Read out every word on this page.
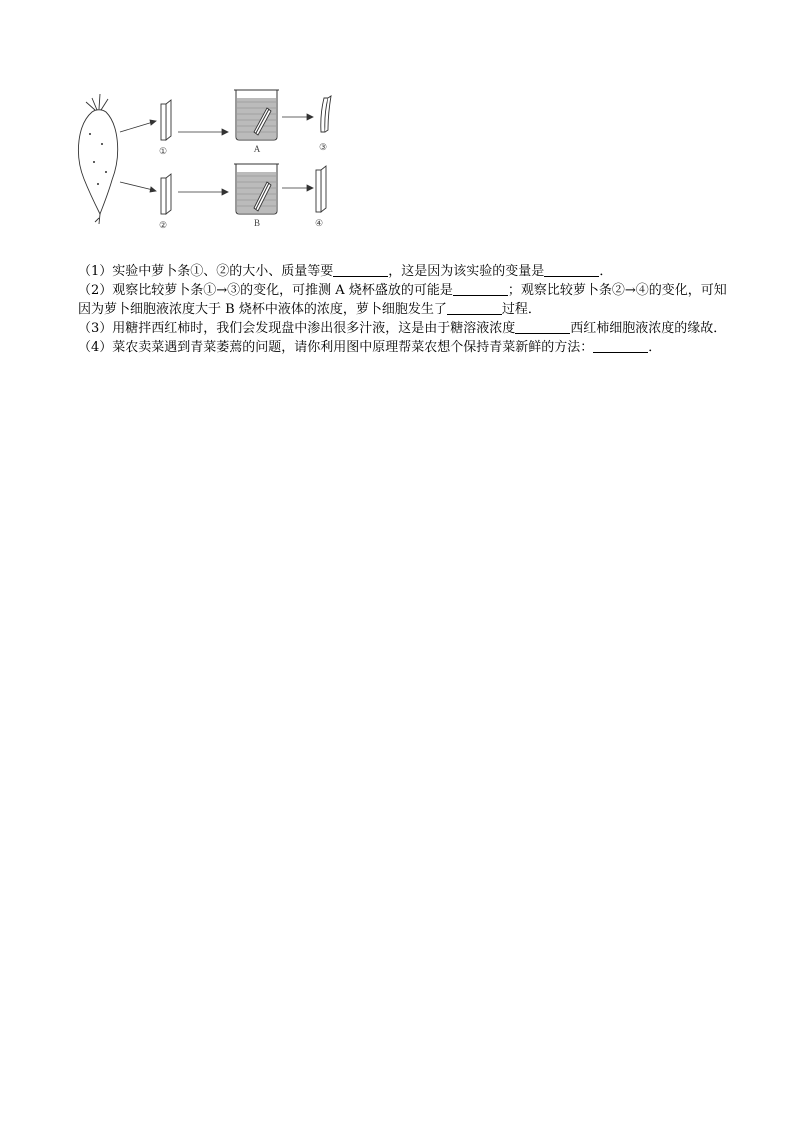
①
②
A
B
③
④

（1）实验中萝卜条①、②的大小、质量等要	，这是因为该实验的变量是	．

（2）观察比较萝卜条①→③的变化，可推测 A 烧杯盛放的可能是	；观察比较萝卜条②→④的变化，可知因为萝卜细胞液浓度大于 B 烧杯中液体的浓度，萝卜细胞发生了	过程．

（3）用糖拌西红柿时，我们会发现盘中渗出很多汁液，这是由于糖溶液浓度	西红柿细胞液浓度的缘故．

（4）菜农卖菜遇到青菜萎蔫的问题，请你利用图中原理帮菜农想个保持青菜新鲜的方法：	．
